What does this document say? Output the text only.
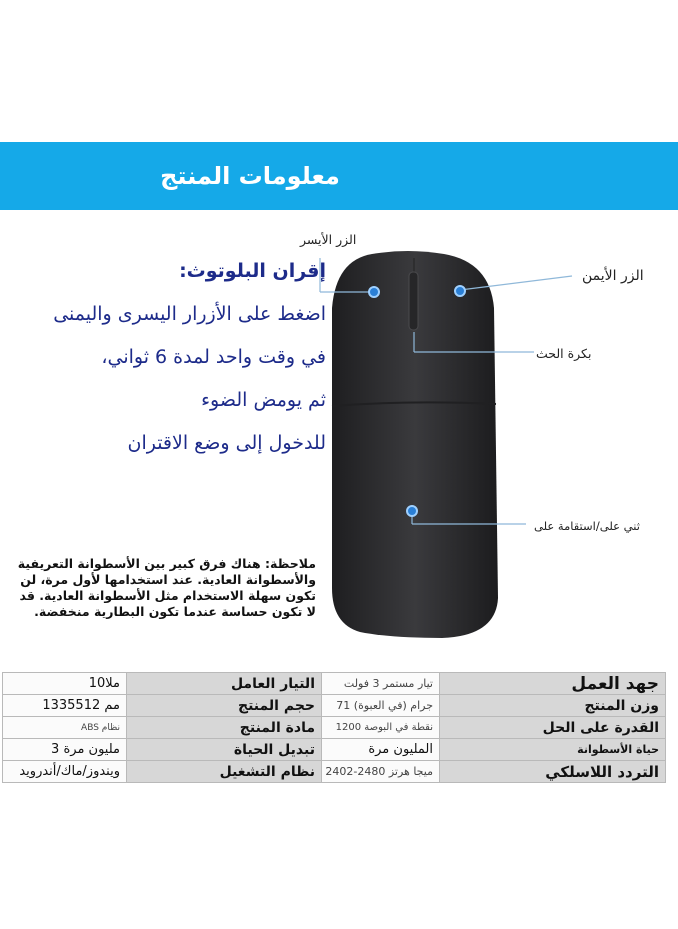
معلومات المنتج
إقران البلوتوث:
اضغط على الأزرار اليسرى واليمنى
في وقت واحد لمدة 6 ثواني،
ثم يومض الضوء
للدخول إلى وضع الاقتران
ملاحظة: هناك فرق كبير بين الأسطوانة التعريفية والأسطوانة العادية. عند استخدامها لأول مرة، لن تكون سهلة الاستخدام مثل الأسطوانة العادية. قد لا تكون حساسة عندما تكون البطارية منخفضة.
الزر الأيسر
الزر الأيمن
بكرة الحث
ثني على/استقامة على
ملا10	التيار العامل	تيار مستمر 3 فولت	جهد العمل
مم 1335512	حجم المنتج	جرام (في العبوة) 71	وزن المنتج
نظام ABS	مادة المنتج	نقطة في البوصة 1200	القدرة على الحل
مليون مرة 3	تبديل الحياة	المليون مرة	حياة الأسطوانة
ويندوز/ماك/أندرويد	نظام التشغيل	ميجا هرتز 2480-2402	التردد اللاسلكي
